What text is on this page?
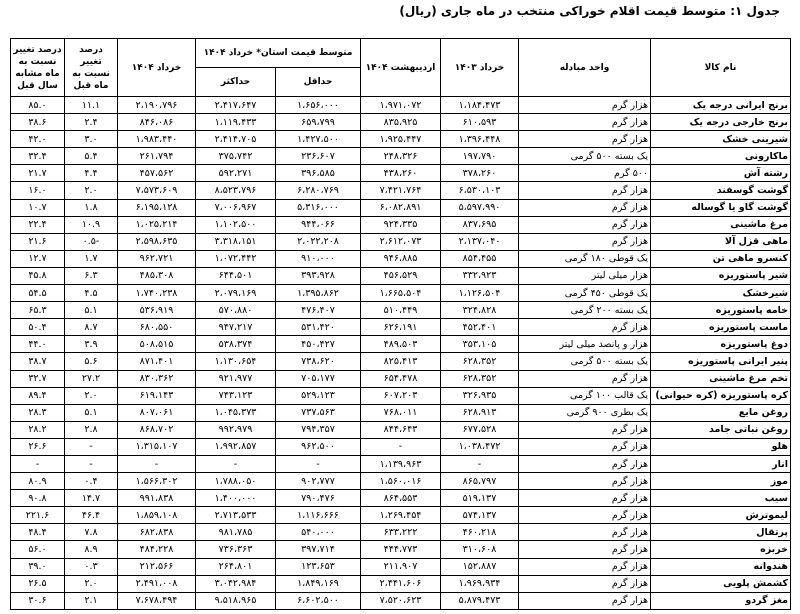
جدول ۱: متوسط قیمت اقلام خوراکی منتخب در ماه جاری (ریال)
نام کالا	واحد مبادله	خرداد ۱۴۰۳	اردیبهشت ۱۴۰۴	متوسط قیمت استان* خرداد ۱۴۰۴		خرداد ۱۴۰۴	درصد تغییر نسبت به ماه قبل	درصد تغییر نسبت به ماه مشابه سال قبل
				حداقل	حداکثر			
برنج ایرانی درجه یک	هزار گرم	۱،۱۸۴،۴۷۳	۱،۹۷۱،۰۷۲	۱،۶۵۶،۰۰۰	۲،۴۱۷،۶۴۷	۲،۱۹۰،۷۹۶	۱۱.۱	۸۵.۰
برنج خارجی درجه یک	هزار گرم	۶۱۰،۵۹۳	۸۳۵،۹۲۵	۶۵۹،۷۹۹	۱،۱۱۹،۴۳۳	۸۴۶،۰۸۶	۲.۴	۳۸.۶
شیرینی خشک	هزار گرم	۱،۳۹۶،۴۴۸	۱،۹۲۵،۴۴۷	۱،۴۲۷،۵۰۰	۲،۴۱۴،۷۰۵	۱،۹۸۳،۴۴۰	۳.۰	۴۲.۰
ماکارونی	یک بسته ۵۰۰ گرمی	۱۹۷،۷۹۰	۲۴۸،۳۲۶	۲۳۶،۶۰۷	۳۷۵،۷۴۲	۲۶۱،۷۹۴	۵.۴	۳۲.۴
رشته آش	۵۰۰ گرم	۳۷۸،۲۶۰	۴۳۸،۲۶۰	۳۹۶،۵۸۵	۵۹۲،۲۷۱	۴۵۷،۵۶۲	۴.۴	۲۱.۷
گوشت گوسفند	هزار گرم	۶،۵۳۰،۱۰۳	۷،۴۲۱،۷۶۴	۶،۲۸۰،۷۶۹	۸،۵۲۳،۷۹۶	۷،۵۷۳،۶۰۹	۲.۰	۱۶.۰
گوشت گاو یا گوساله	هزار گرم	۵،۵۹۷،۹۹۰	۶،۰۸۲،۸۹۱	۵،۳۱۶،۰۰۰	۷،۰۰۶،۹۶۷	۶،۱۹۵،۱۲۸	۱.۸	۱۰.۷
مرغ ماشینی	هزار گرم	۸۳۷،۶۹۵	۹۲۴،۳۳۵	۹۴۴،۰۶۶	۱،۱۰۲،۵۰۰	۱،۰۲۵،۲۱۴	۱۰.۹	۲۲.۴
ماهی قزل آلا	هزار گرم	۲،۱۳۷،۰۴۰	۲،۶۱۲،۰۷۳	۲،۰۲۲،۲۰۸	۳،۳۱۸،۱۵۱	۲،۵۹۸،۶۳۵	-۰.۵	۲۱.۶
کنسرو ماهی تن	یک قوطی ۱۸۰ گرمی	۸۵۴،۴۵۵	۹۴۶،۸۸۵	۹۱۰،۰۰۰	۱،۰۷۲،۴۴۲	۹۶۲،۷۲۱	۱.۷	۱۲.۷
شیر پاستوریزه	هزار میلی لیتر	۳۳۲،۹۲۳	۴۵۶،۵۲۹	۳۹۳،۹۲۸	۶۴۴،۵۰۱	۴۸۵،۳۰۸	۶.۳	۴۵.۸
شیرخشک	یک قوطی ۴۵۰ گرمی	۱،۱۲۶،۵۰۴	۱،۶۶۵،۵۰۴	۱،۳۹۵،۸۶۲	۲،۰۷۹،۱۶۹	۱،۷۴۰،۲۳۸	۴.۵	۵۴.۵
خامه پاستوریزه	یک بسته ۲۰۰ گرمی	۳۲۴،۸۲۸	۵۱۰،۴۴۹	۴۷۶،۴۰۷	۵۷۰،۸۸۰	۵۳۶،۹۱۹	۵.۱	۶۵.۳
ماست پاستوریزه	هزار گرم	۴۵۲،۴۰۱	۶۲۶،۱۹۱	۵۳۱،۴۲۰	۹۴۷،۲۱۷	۶۸۰،۵۵۰	۸.۷	۵۰.۴
دوغ پاستوریزه	هزار و پانصد میلی لیتر	۳۵۳،۱۰۵	۴۸۹،۵۰۳	۴۵۰،۴۲۷	۵۳۸،۳۷۴	۵۰۸،۵۱۵	۳.۹	۴۴.۰
پنیر ایرانی پاستوریزه	یک بسته ۵۰۰ گرمی	۶۲۸،۳۵۲	۸۲۵،۴۱۳	۷۳۸،۶۲۰	۱،۱۳۰،۶۵۴	۸۷۱،۴۰۱	۵.۶	۳۸.۷
تخم مرغ ماشینی	هزار گرم	۶۲۸،۳۵۲	۶۵۴،۴۷۸	۷۰۵،۱۷۷	۹۲۱،۹۷۷	۸۳۰،۳۶۲	۲۷.۲	۳۲.۷
کره پاستوریزه (کره حیوانی)	یک قالب ۱۰۰ گرمی	۳۲۶،۹۳۵	۶۰۷،۲۰۳	۵۲۹،۱۲۳	۷۴۳،۱۲۳	۶۱۹،۱۴۳	۲.۰	۸۹.۴
روغن مایع	یک بطری ۹۰۰ گرمی	۶۲۸،۹۱۳	۷۶۸،۰۱۱	۷۳۷،۵۶۳	۱،۰۴۵،۳۷۳	۸۰۷،۰۶۱	۵.۱	۲۸.۳
روغن نباتی جامد	هزار گرم	۶۷۷،۵۲۸	۸۴۴،۶۴۳	۷۹۴،۳۵۷	۹۹۲،۹۷۹	۸۶۸،۷۰۲	۲.۸	۲۸.۲
هلو	هزار گرم	۱،۰۳۸،۴۷۲	-	۹۶۲،۵۰۰	۱،۹۹۲،۸۵۷	۱،۳۱۵،۱۰۷	-	۲۶.۶
انار	هزار گرم	-	۱،۱۳۹،۹۶۳	-	-	-	-	-
موز	هزار گرم	۸۶۵،۷۹۷	۱،۵۶۰،۰۱۶	۹۰۲،۷۷۷	۱،۷۸۸،۰۵۰	۱،۵۶۶،۳۰۲	۰.۴	۸۰.۹
سیب	هزار گرم	۵۱۹،۱۳۷	۸۶۴،۵۵۳	۷۹۰،۴۷۶	۱،۴۰۰،۰۰۰	۹۹۱،۸۳۸	۱۴.۷	۹۰.۸
لیموترش	هزار گرم	۵۷۴،۱۳۷	۱،۲۶۹،۴۵۴	۱،۱۱۶،۶۶۶	۲،۷۱۳،۵۳۳	۱،۸۵۹،۱۰۸	۴۶.۴	۲۲۱.۶
پرتقال	هزار گرم	۴۶۰،۲۱۸	۶۳۳،۲۲۲	۵۴۰،۰۰۰	۹۸۱،۷۸۵	۶۸۲،۸۳۸	۷.۸	۴۸.۴
خربزه	هزار گرم	۳۱۰،۶۰۸	۴۴۴،۷۷۳	۳۹۷،۷۱۴	۷۳۶،۳۶۳	۴۸۴،۲۲۸	۸.۹	۵۶.۰
هندوانه	هزار گرم	۱۵۲،۸۸۷	۲۱۱،۹۰۷	۱۲۳،۶۵۳	۲۶۴،۸۰۱	۲۱۲،۵۶۶	۰.۳	۳۹.۰
کشمش پلویی	هزار گرم	۱،۹۶۹،۹۳۴	۲،۴۴۱،۶۰۶	۱،۸۴۹،۱۶۹	۳،۰۴۲،۹۸۴	۲،۴۹۱،۰۰۸	۲.۰	۲۶.۵
مغز گردو	هزار گرم	۵،۸۷۹،۴۷۳	۷،۵۲۰،۶۲۳	۶،۶۰۲،۵۰۰	۹،۵۱۸،۹۶۵	۷،۶۷۸،۴۹۴	۲.۱	۳۰.۶
